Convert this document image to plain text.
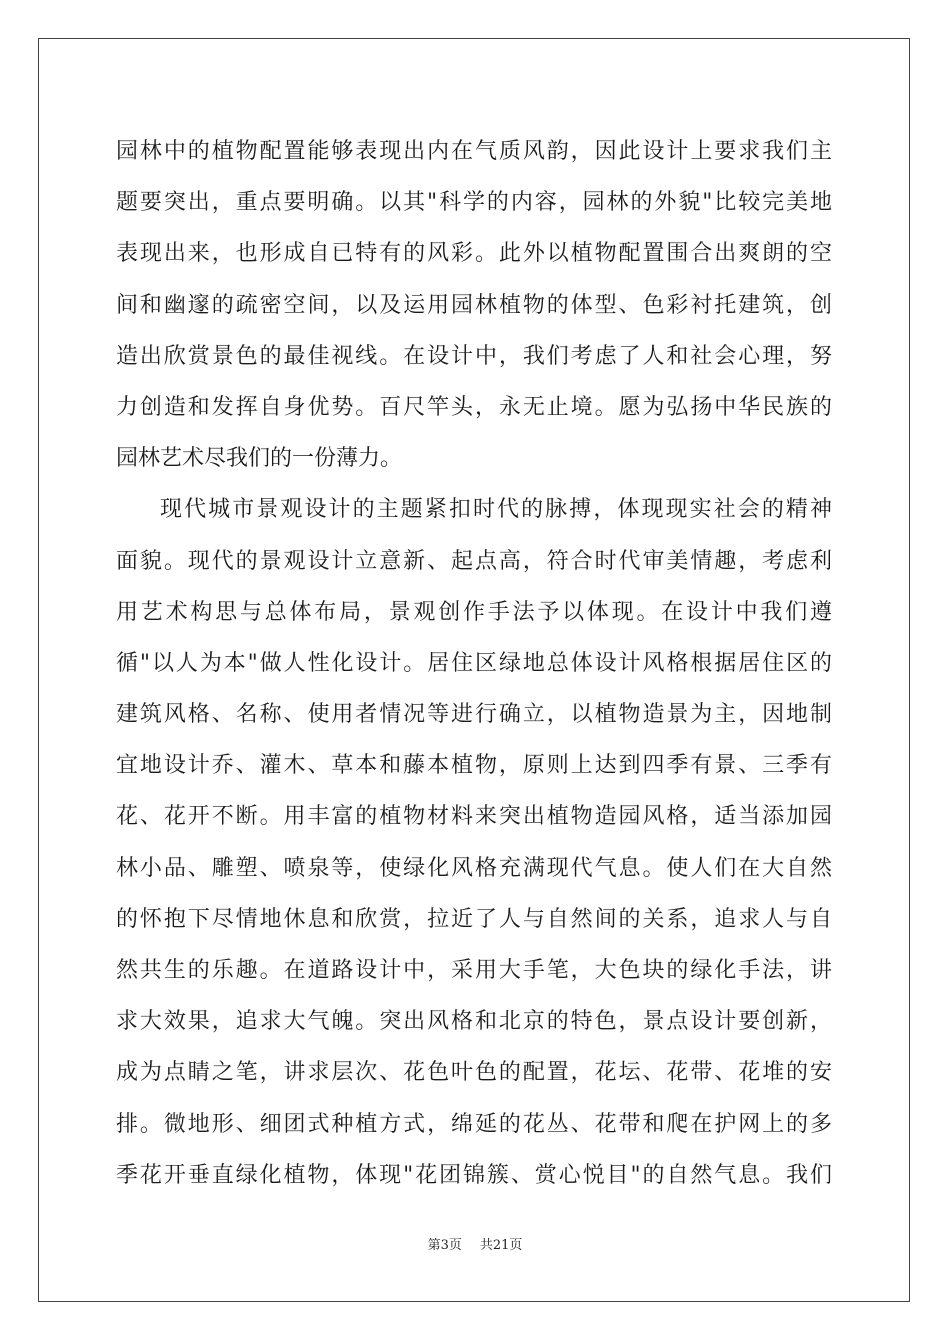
园林中的植物配置能够表现出内在气质风韵，因此设计上要求我们主
题要突出，重点要明确。以其"科学的内容，园林的外貌"比较完美地
表现出来，也形成自已特有的风彩。此外以植物配置围合出爽朗的空
间和幽邃的疏密空间，以及运用园林植物的体型、色彩衬托建筑，创
造出欣赏景色的最佳视线。在设计中，我们考虑了人和社会心理，努
力创造和发挥自身优势。百尺竿头，永无止境。愿为弘扬中华民族的
园林艺术尽我们的一份薄力。
现代城市景观设计的主题紧扣时代的脉搏，体现现实社会的精神
面貌。现代的景观设计立意新、起点高，符合时代审美情趣，考虑利
用艺术构思与总体布局，景观创作手法予以体现。在设计中我们遵
循"以人为本"做人性化设计。居住区绿地总体设计风格根据居住区的
建筑风格、名称、使用者情况等进行确立，以植物造景为主，因地制
宜地设计乔、灌木、草本和藤本植物，原则上达到四季有景、三季有
花、花开不断。用丰富的植物材料来突出植物造园风格，适当添加园
林小品、雕塑、喷泉等，使绿化风格充满现代气息。使人们在大自然
的怀抱下尽情地休息和欣赏，拉近了人与自然间的关系，追求人与自
然共生的乐趣。在道路设计中，采用大手笔，大色块的绿化手法，讲
求大效果，追求大气魄。突出风格和北京的特色，景点设计要创新，
成为点睛之笔，讲求层次、花色叶色的配置，花坛、花带、花堆的安
排。微地形、细团式种植方式，绵延的花丛、花带和爬在护网上的多
季花开垂直绿化植物，体现"花团锦簇、赏心悦目"的自然气息。我们
第3页 共21页
